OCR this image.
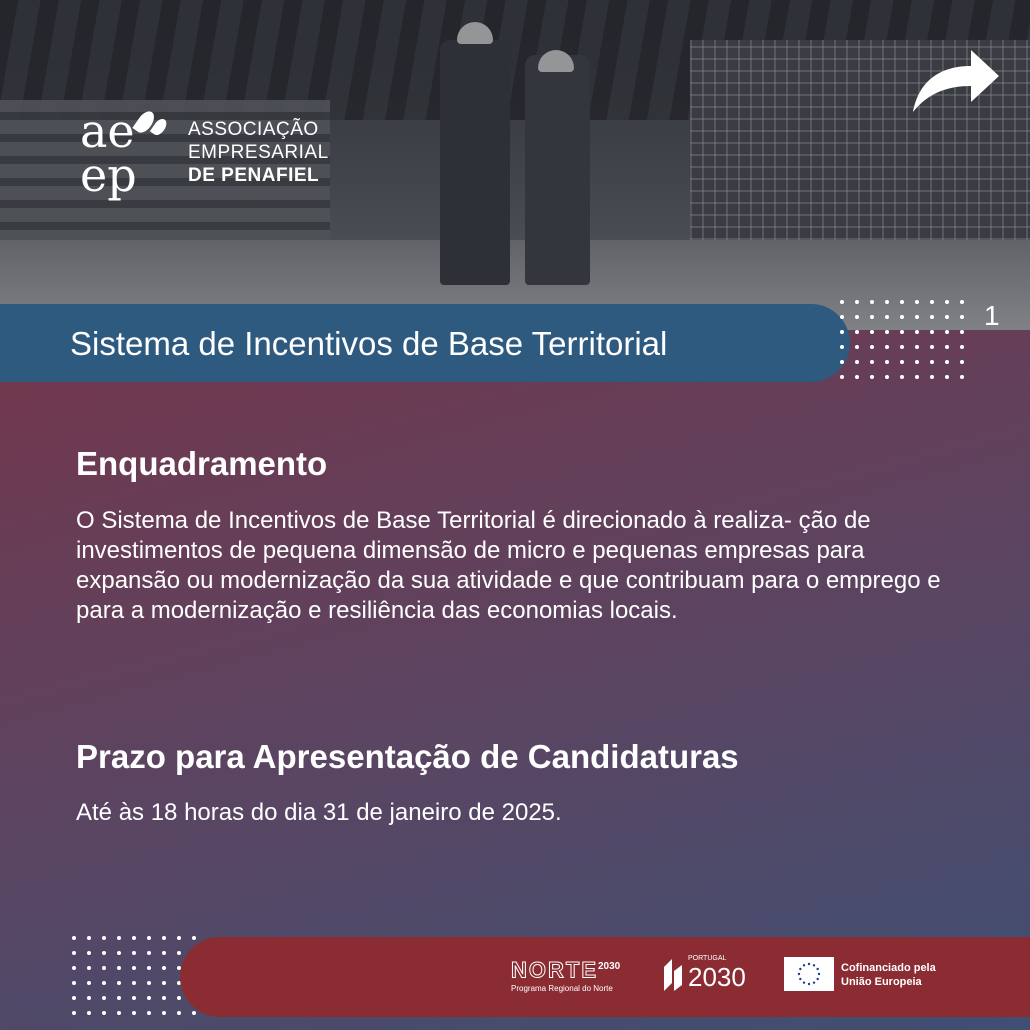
ae
ep
ASSOCIAÇÃO
EMPRESARIAL
DE PENAFIEL
Sistema de Incentivos de Base Territorial
1
Enquadramento
O Sistema de Incentivos de Base Territorial é direcionado à realiza- ção de investimentos de pequena dimensão de micro e pequenas empresas para expansão ou modernização da sua atividade e que contribuam para o emprego e para a modernização e resiliência das economias locais.
Prazo para Apresentação de Candidaturas
Até às 18 horas do dia 31 de janeiro de 2025.
$NORTE^{2030}$
Programa Regional do Norte
PORTUGAL
2030	Cofinanciado pela
União Europeia
